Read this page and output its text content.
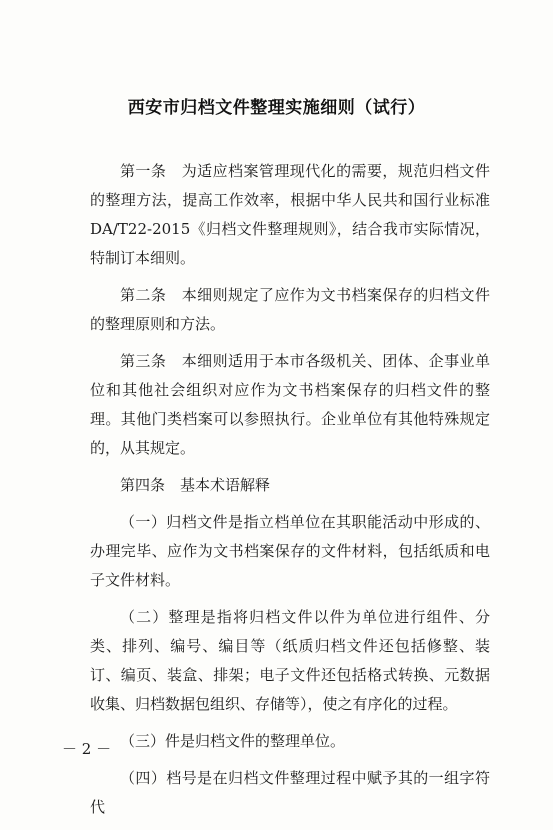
西安市归档文件整理实施细则（试行）

第一条　为适应档案管理现代化的需要，规范归档文件的整理方法，提高工作效率，根据中华人民共和国行业标准DA/T22-2015《归档文件整理规则》，结合我市实际情况，特制订本细则。

第二条　本细则规定了应作为文书档案保存的归档文件的整理原则和方法。

第三条　本细则适用于本市各级机关、团体、企事业单位和其他社会组织对应作为文书档案保存的归档文件的整理。其他门类档案可以参照执行。企业单位有其他特殊规定的，从其规定。

第四条　基本术语解释

（一）归档文件是指立档单位在其职能活动中形成的、办理完毕、应作为文书档案保存的文件材料，包括纸质和电子文件材料。

（二）整理是指将归档文件以件为单位进行组件、分类、排列、编号、编目等（纸质归档文件还包括修整、装订、编页、装盒、排架；电子文件还包括格式转换、元数据收集、归档数据包组织、存储等），使之有序化的过程。

（三）件是归档文件的整理单位。

（四）档号是在归档文件整理过程中赋予其的一组字符代

－ 2 －
